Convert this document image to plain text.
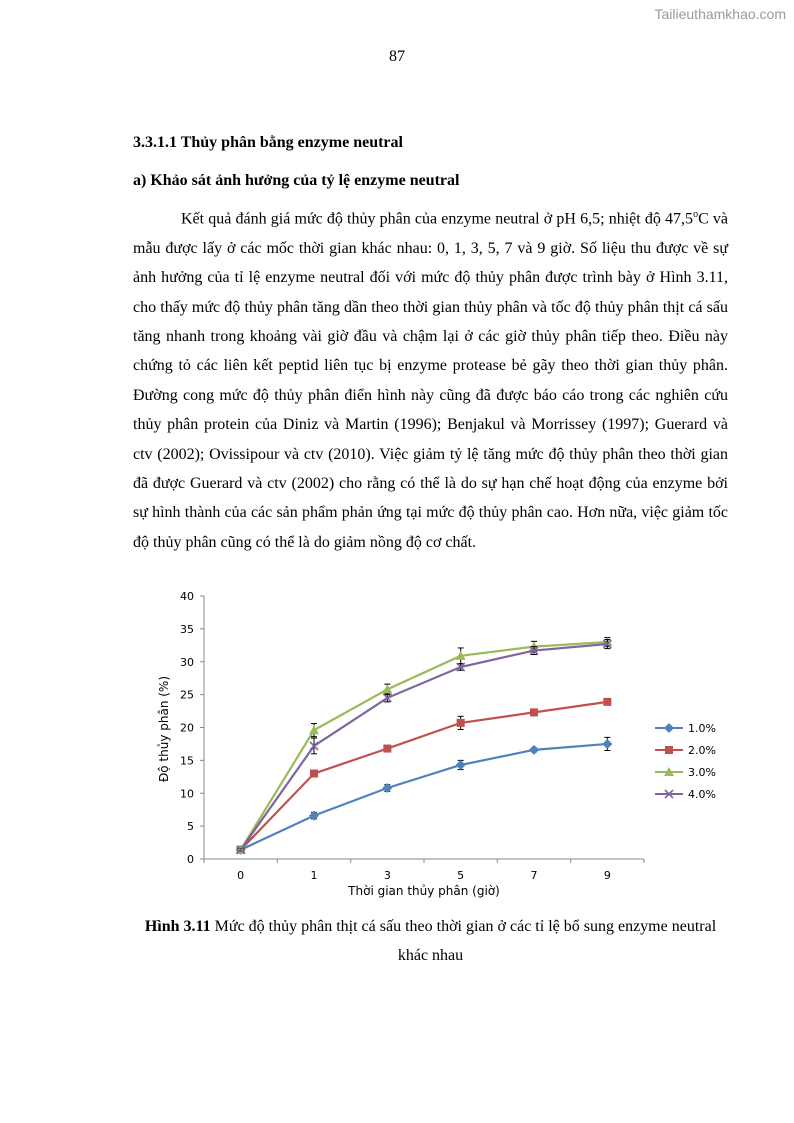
Tailieuthamkhao.com
87
3.3.1.1 Thủy phân bằng enzyme neutral
a) Khảo sát ảnh hưởng của tỷ lệ enzyme neutral

Kết quả đánh giá mức độ thủy phân của enzyme neutral ở pH 6,5; nhiệt độ 47,5$^o$C và mẫu được lấy ở các mốc thời gian khác nhau: 0, 1, 3, 5, 7 và 9 giờ. Số liệu thu được về sự ảnh hưởng của tỉ lệ enzyme neutral đối với mức độ thủy phân được trình bày ở Hình 3.11, cho thấy mức độ thủy phân tăng dần theo thời gian thủy phân và tốc độ thủy phân thịt cá sấu tăng nhanh trong khoảng vài giờ đầu và chậm lại ở các giờ thủy phân tiếp theo. Điều này chứng tỏ các liên kết peptid liên tục bị enzyme protease bẻ gãy theo thời gian thủy phân. Đường cong mức độ thủy phân điển hình này cũng đã được báo cáo trong các nghiên cứu thủy phân protein của Diniz và Martin (1996); Benjakul và Morrissey (1997); Guerard và ctv (2002); Ovissipour và ctv (2010). Việc giảm tỷ lệ tăng mức độ thủy phân theo thời gian đã được Guerard và ctv (2002) cho rằng có thể là do sự hạn chế hoạt động của enzyme bởi sự hình thành của các sản phẩm phản ứng tại mức độ thủy phân cao. Hơn nữa, việc giảm tốc độ thủy phân cũng có thể là do giảm nồng độ cơ chất.

0
5
10
15
20
25
30
35
40
0	1	3	5	7	9
1.0%
2.0%
3.0%
4.0%
Độ thủy phân (%)
Thời gian thủy phân (giờ)

Hình 3.11 Mức độ thủy phân thịt cá sấu theo thời gian ở các tỉ lệ bổ sung enzyme neutral khác nhau
